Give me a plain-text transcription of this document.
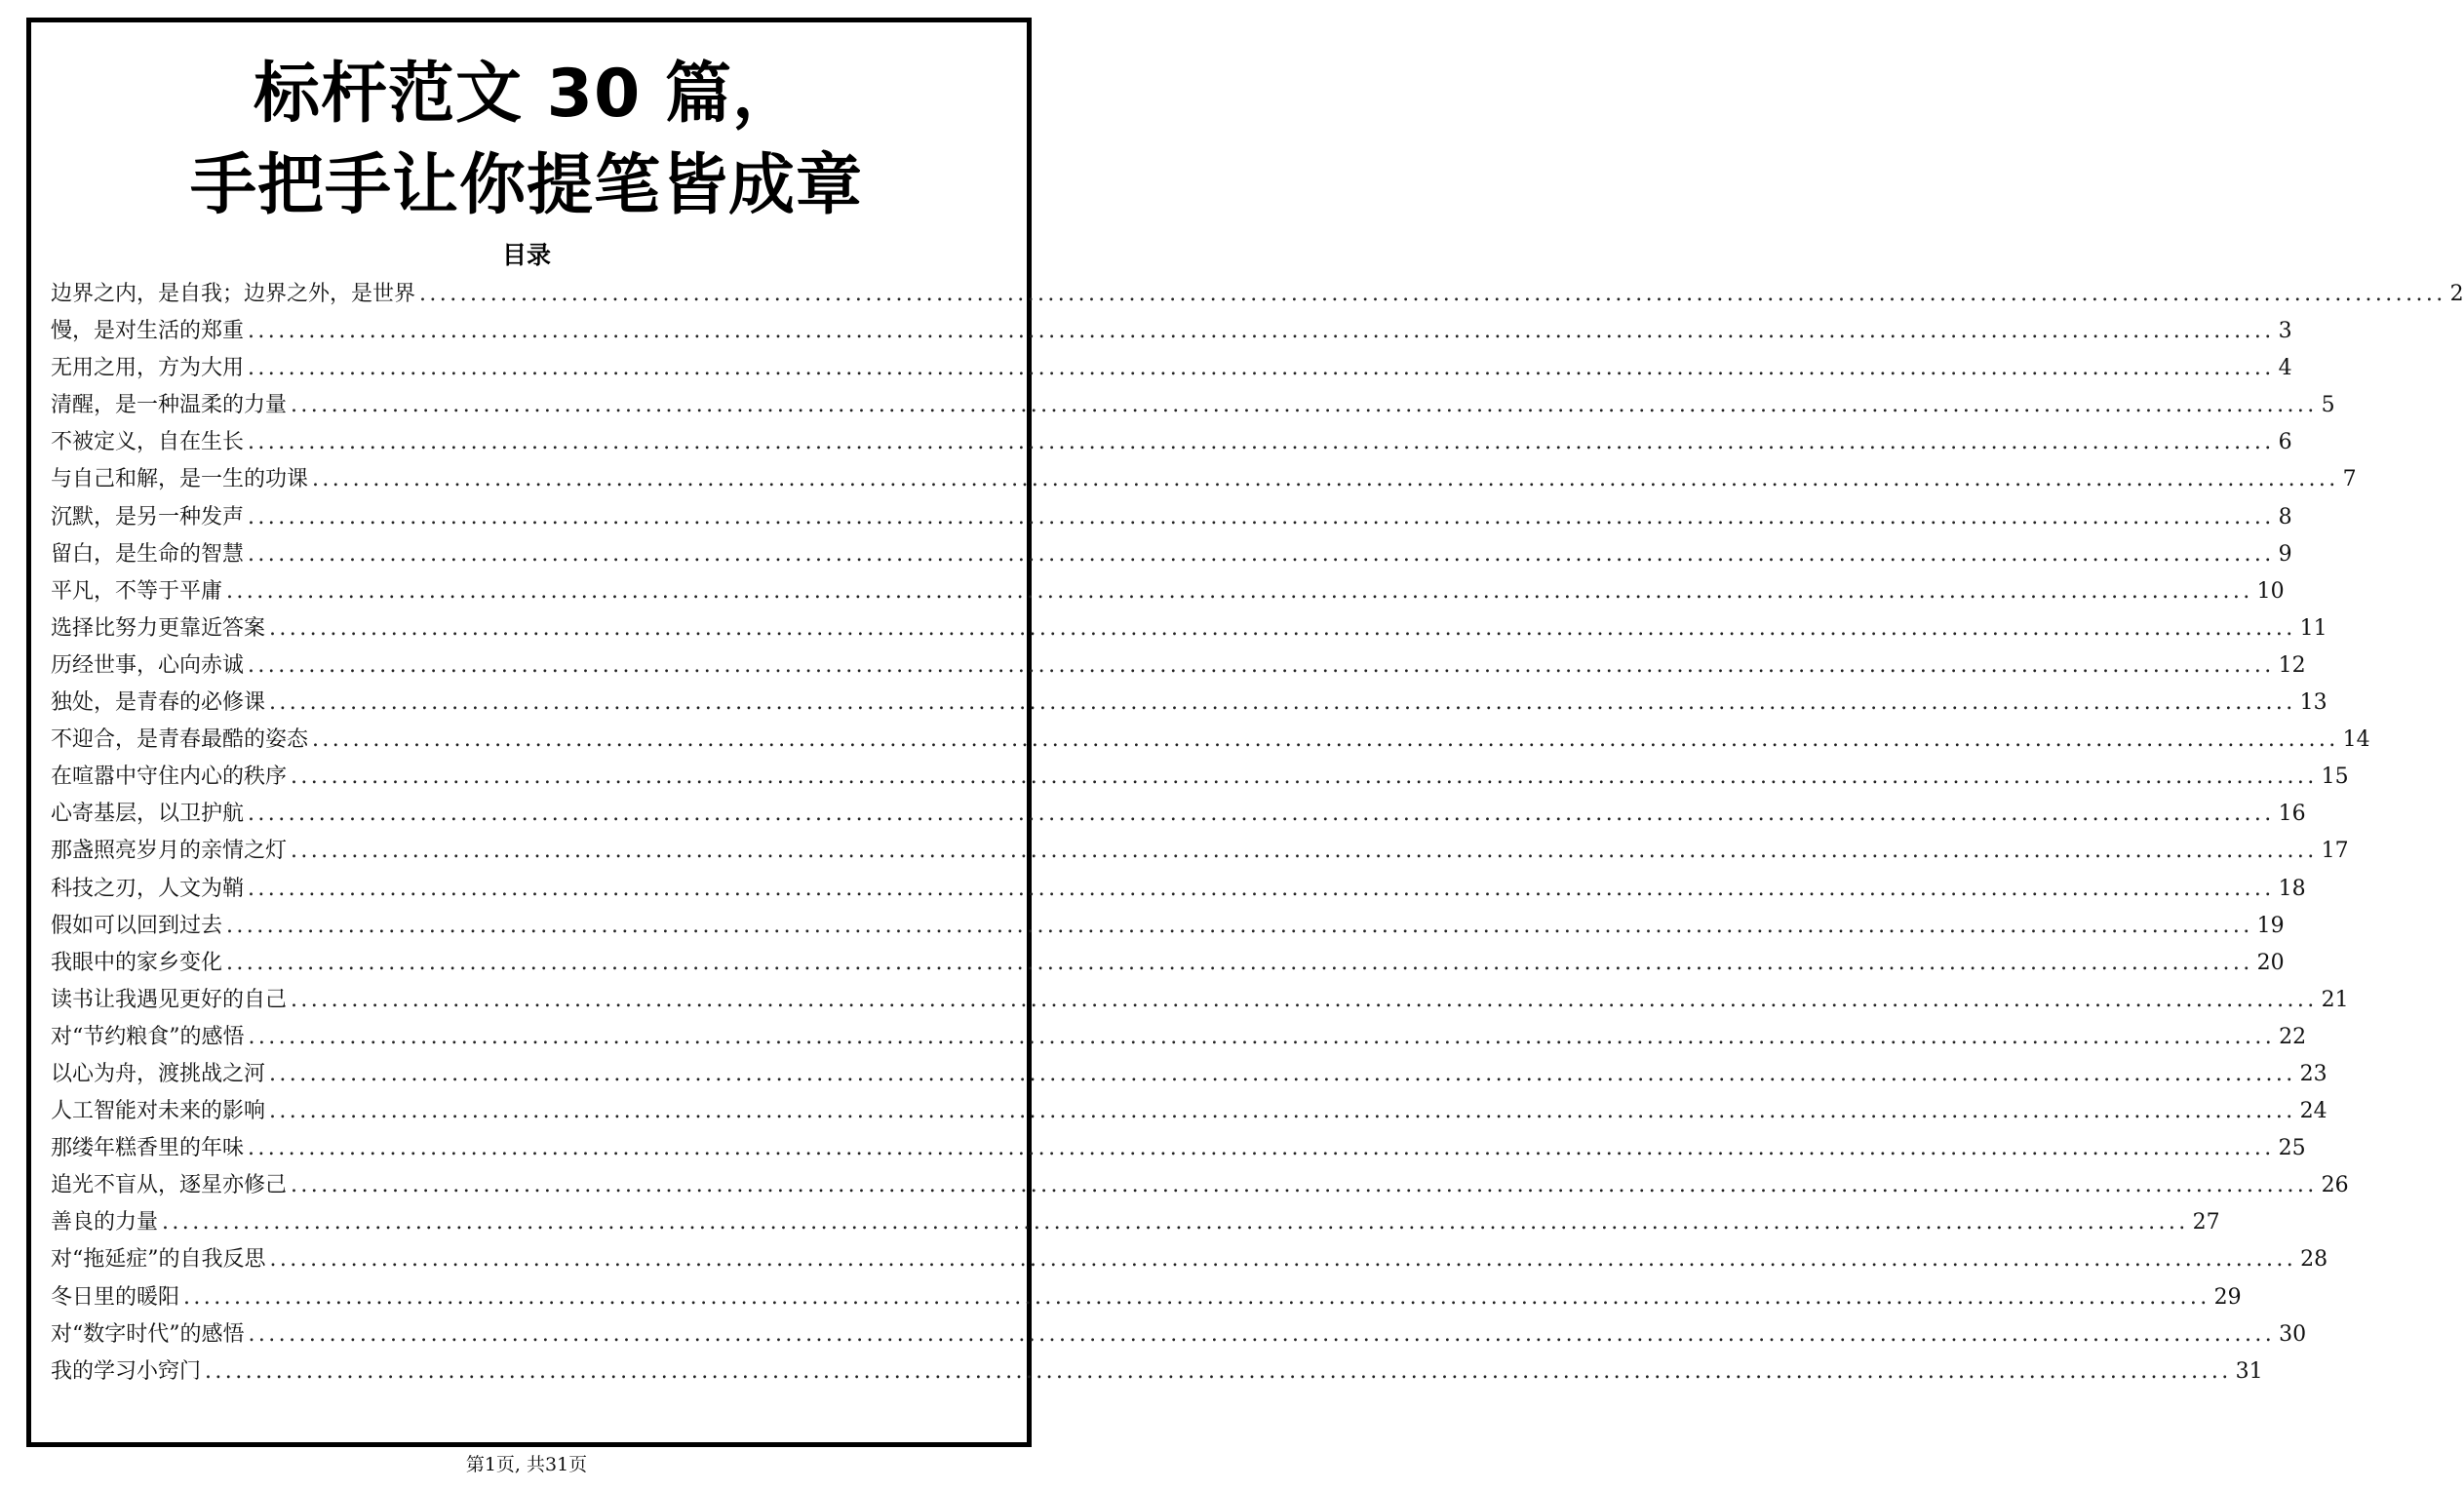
标杆范文 30 篇，
手把手让你提笔皆成章
目录
边界之内，是自我；边界之外，是世界 ........................................................................................................................................................................................................ 2
慢，是对生活的郑重 ........................................................................................................................................................................................................ 3
无用之用，方为大用 ........................................................................................................................................................................................................ 4
清醒，是一种温柔的力量 ........................................................................................................................................................................................................ 5
不被定义，自在生长 ........................................................................................................................................................................................................ 6
与自己和解，是一生的功课 ........................................................................................................................................................................................................ 7
沉默，是另一种发声 ........................................................................................................................................................................................................ 8
留白，是生命的智慧 ........................................................................................................................................................................................................ 9
平凡，不等于平庸 ........................................................................................................................................................................................................ 10
选择比努力更靠近答案 ........................................................................................................................................................................................................ 11
历经世事，心向赤诚 ........................................................................................................................................................................................................ 12
独处，是青春的必修课 ........................................................................................................................................................................................................ 13
不迎合，是青春最酷的姿态 ........................................................................................................................................................................................................ 14
在喧嚣中守住内心的秩序 ........................................................................................................................................................................................................ 15
心寄基层，以卫护航 ........................................................................................................................................................................................................ 16
那盏照亮岁月的亲情之灯 ........................................................................................................................................................................................................ 17
科技之刃，人文为鞘 ........................................................................................................................................................................................................ 18
假如可以回到过去 ........................................................................................................................................................................................................ 19
我眼中的家乡变化 ........................................................................................................................................................................................................ 20
读书让我遇见更好的自己 ........................................................................................................................................................................................................ 21
对“节约粮食”的感悟 ........................................................................................................................................................................................................ 22
以心为舟，渡挑战之河 ........................................................................................................................................................................................................ 23
人工智能对未来的影响 ........................................................................................................................................................................................................ 24
那缕年糕香里的年味 ........................................................................................................................................................................................................ 25
追光不盲从，逐星亦修己 ........................................................................................................................................................................................................ 26
善良的力量 ........................................................................................................................................................................................................ 27
对“拖延症”的自我反思 ........................................................................................................................................................................................................ 28
冬日里的暖阳 ........................................................................................................................................................................................................ 29
对“数字时代”的感悟 ........................................................................................................................................................................................................ 30
我的学习小窍门 ........................................................................................................................................................................................................ 31
第1页, 共31页
